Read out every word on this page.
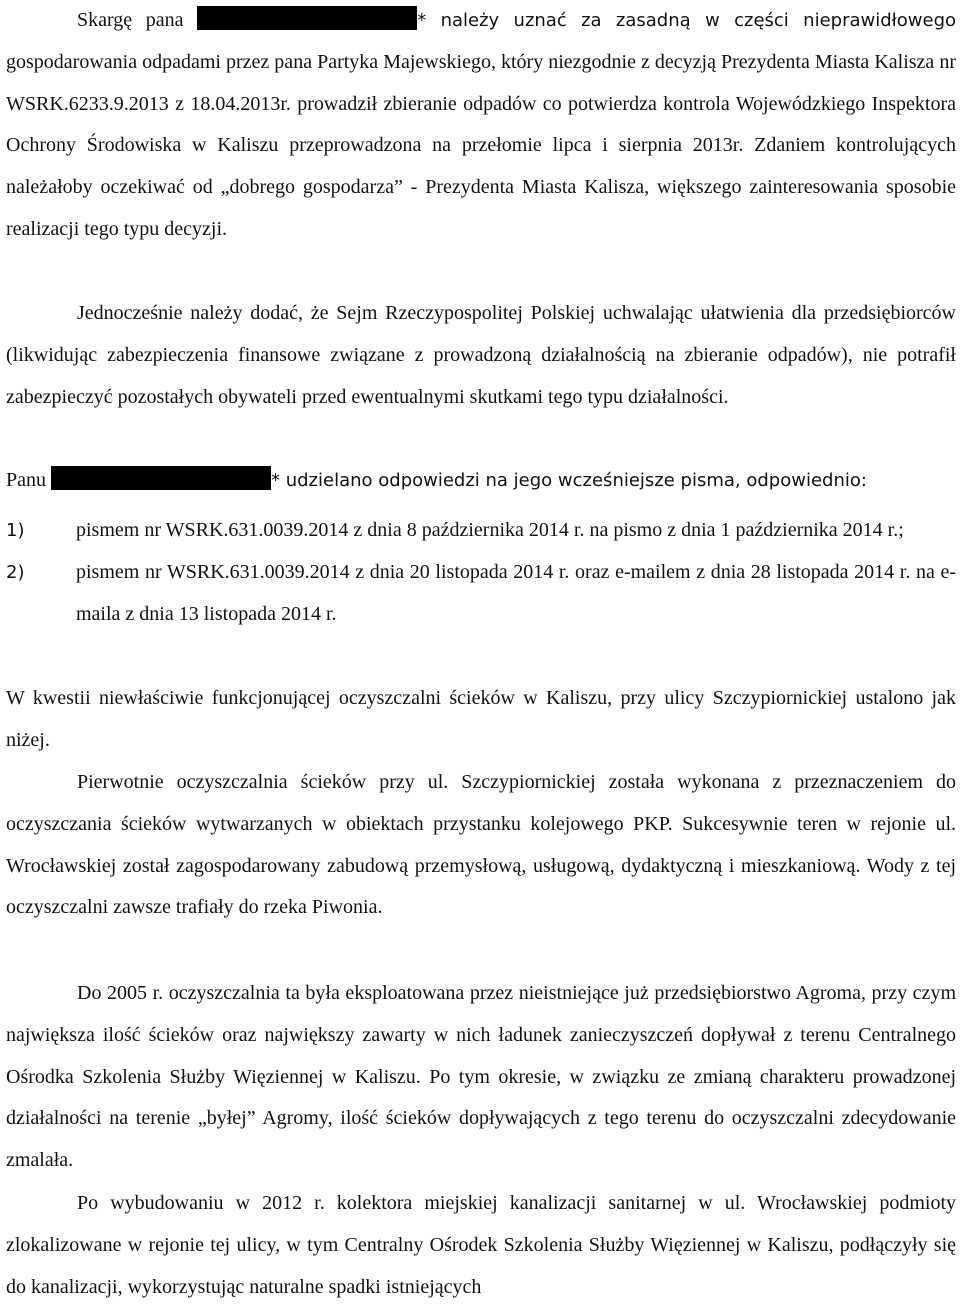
Skargę pana	* należy uznać za zasadną w części nieprawidłowego gospodarowania odpadami przez pana Partyka Majewskiego, który niezgodnie z decyzją Prezydenta Miasta Kalisza nr WSRK.6233.9.2013 z 18.04.2013r. prowadził zbieranie odpadów co potwierdza kontrola Wojewódzkiego Inspektora Ochrony Środowiska w Kaliszu przeprowadzona na przełomie lipca i sierpnia 2013r. Zdaniem kontrolujących należałoby oczekiwać od „dobrego gospodarza” - Prezydenta Miasta Kalisza, większego zainteresowania sposobie realizacji tego typu decyzji.

Jednocześnie należy dodać, że Sejm Rzeczypospolitej Polskiej uchwalając ułatwienia dla przedsiębiorców (likwidując zabezpieczenia finansowe związane z prowadzoną działalnością na zbieranie odpadów), nie potrafił zabezpieczyć pozostałych obywateli przed ewentualnymi skutkami tego typu działalności.

Panu	* udzielano odpowiedzi na jego wcześniejsze pisma, odpowiednio:

1)	pismem nr WSRK.631.0039.2014 z dnia 8 października 2014 r. na pismo z dnia 1 października 2014 r.;
2)	pismem nr WSRK.631.0039.2014 z dnia 20 listopada 2014 r. oraz e-mailem z dnia 28 listopada 2014 r. na e-maila z dnia 13 listopada 2014 r.

W kwestii niewłaściwie funkcjonującej oczyszczalni ścieków w Kaliszu, przy ulicy Szczypiornickiej ustalono jak niżej.

Pierwotnie oczyszczalnia ścieków przy ul. Szczypiornickiej została wykonana z przeznaczeniem do oczyszczania ścieków wytwarzanych w obiektach przystanku kolejowego PKP. Sukcesywnie teren w rejonie ul. Wrocławskiej został zagospodarowany zabudową przemysłową, usługową, dydaktyczną i mieszkaniową. Wody z tej oczyszczalni zawsze trafiały do rzeka Piwonia.

Do 2005 r. oczyszczalnia ta była eksploatowana przez nieistniejące już przedsiębiorstwo Agroma, przy czym największa ilość ścieków oraz największy zawarty w nich ładunek zanieczyszczeń dopływał z terenu Centralnego Ośrodka Szkolenia Służby Więziennej w Kaliszu. Po tym okresie, w związku ze zmianą charakteru prowadzonej działalności na terenie „byłej” Agromy, ilość ścieków dopływających z tego terenu do oczyszczalni zdecydowanie zmalała.

Po wybudowaniu w 2012 r. kolektora miejskiej kanalizacji sanitarnej w ul. Wrocławskiej podmioty zlokalizowane w rejonie tej ulicy, w tym Centralny Ośrodek Szkolenia Służby Więziennej w Kaliszu, podłączyły się do kanalizacji, wykorzystując naturalne spadki istniejących
